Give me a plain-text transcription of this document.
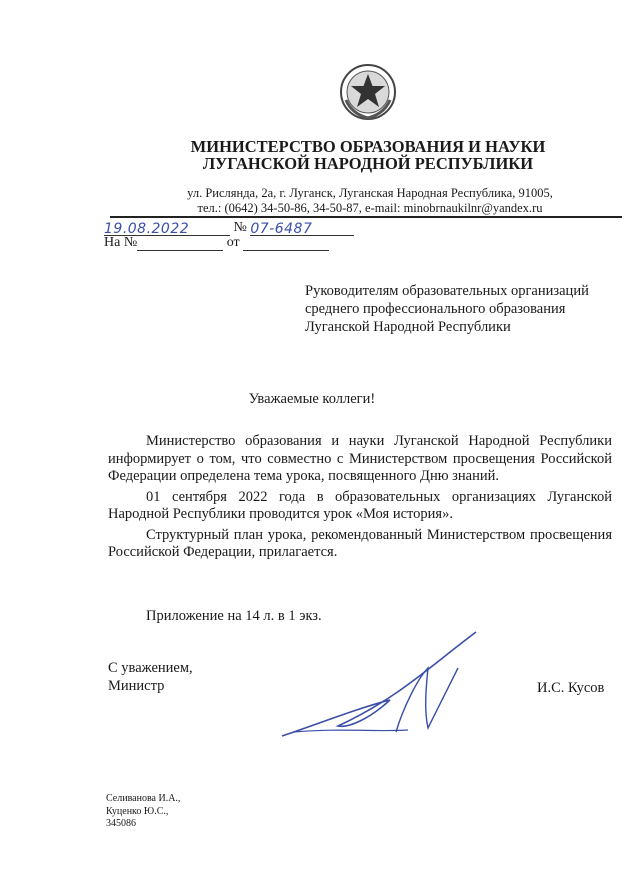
МИНИСТЕРСТВО ОБРАЗОВАНИЯ И НАУКИ
ЛУГАНСКОЙ НАРОДНОЙ РЕСПУБЛИКИ
ул. Рисляндa, 2а, г. Луганск, Луганская Народная Республика, 91005,
тел.: (0642) 34-50-86, 34-50-87, e-mail: minobrnaukilnr@yandex.ru
19.08.2022	№ 07-6487
На №	от
Руководителям образовательных организаций
среднего профессионального образования
Луганской Народной Республики
Уважаемые коллеги!

Министерство образования и науки Луганской Народной Республики информирует о том, что совместно с Министерством просвещения Российской Федерации определена тема урока, посвященного Дню знаний.

01 сентября 2022 года в образовательных организациях Луганской Народной Республики проводится урок «Моя история».

Структурный план урока, рекомендованный Министерством просвещения Российской Федерации, прилагается.

Приложение на 14 л. в 1 экз.
С уважением,
Министр	И.С. Кусов
Селиванова И.А.,
Куценко Ю.С.,
345086
